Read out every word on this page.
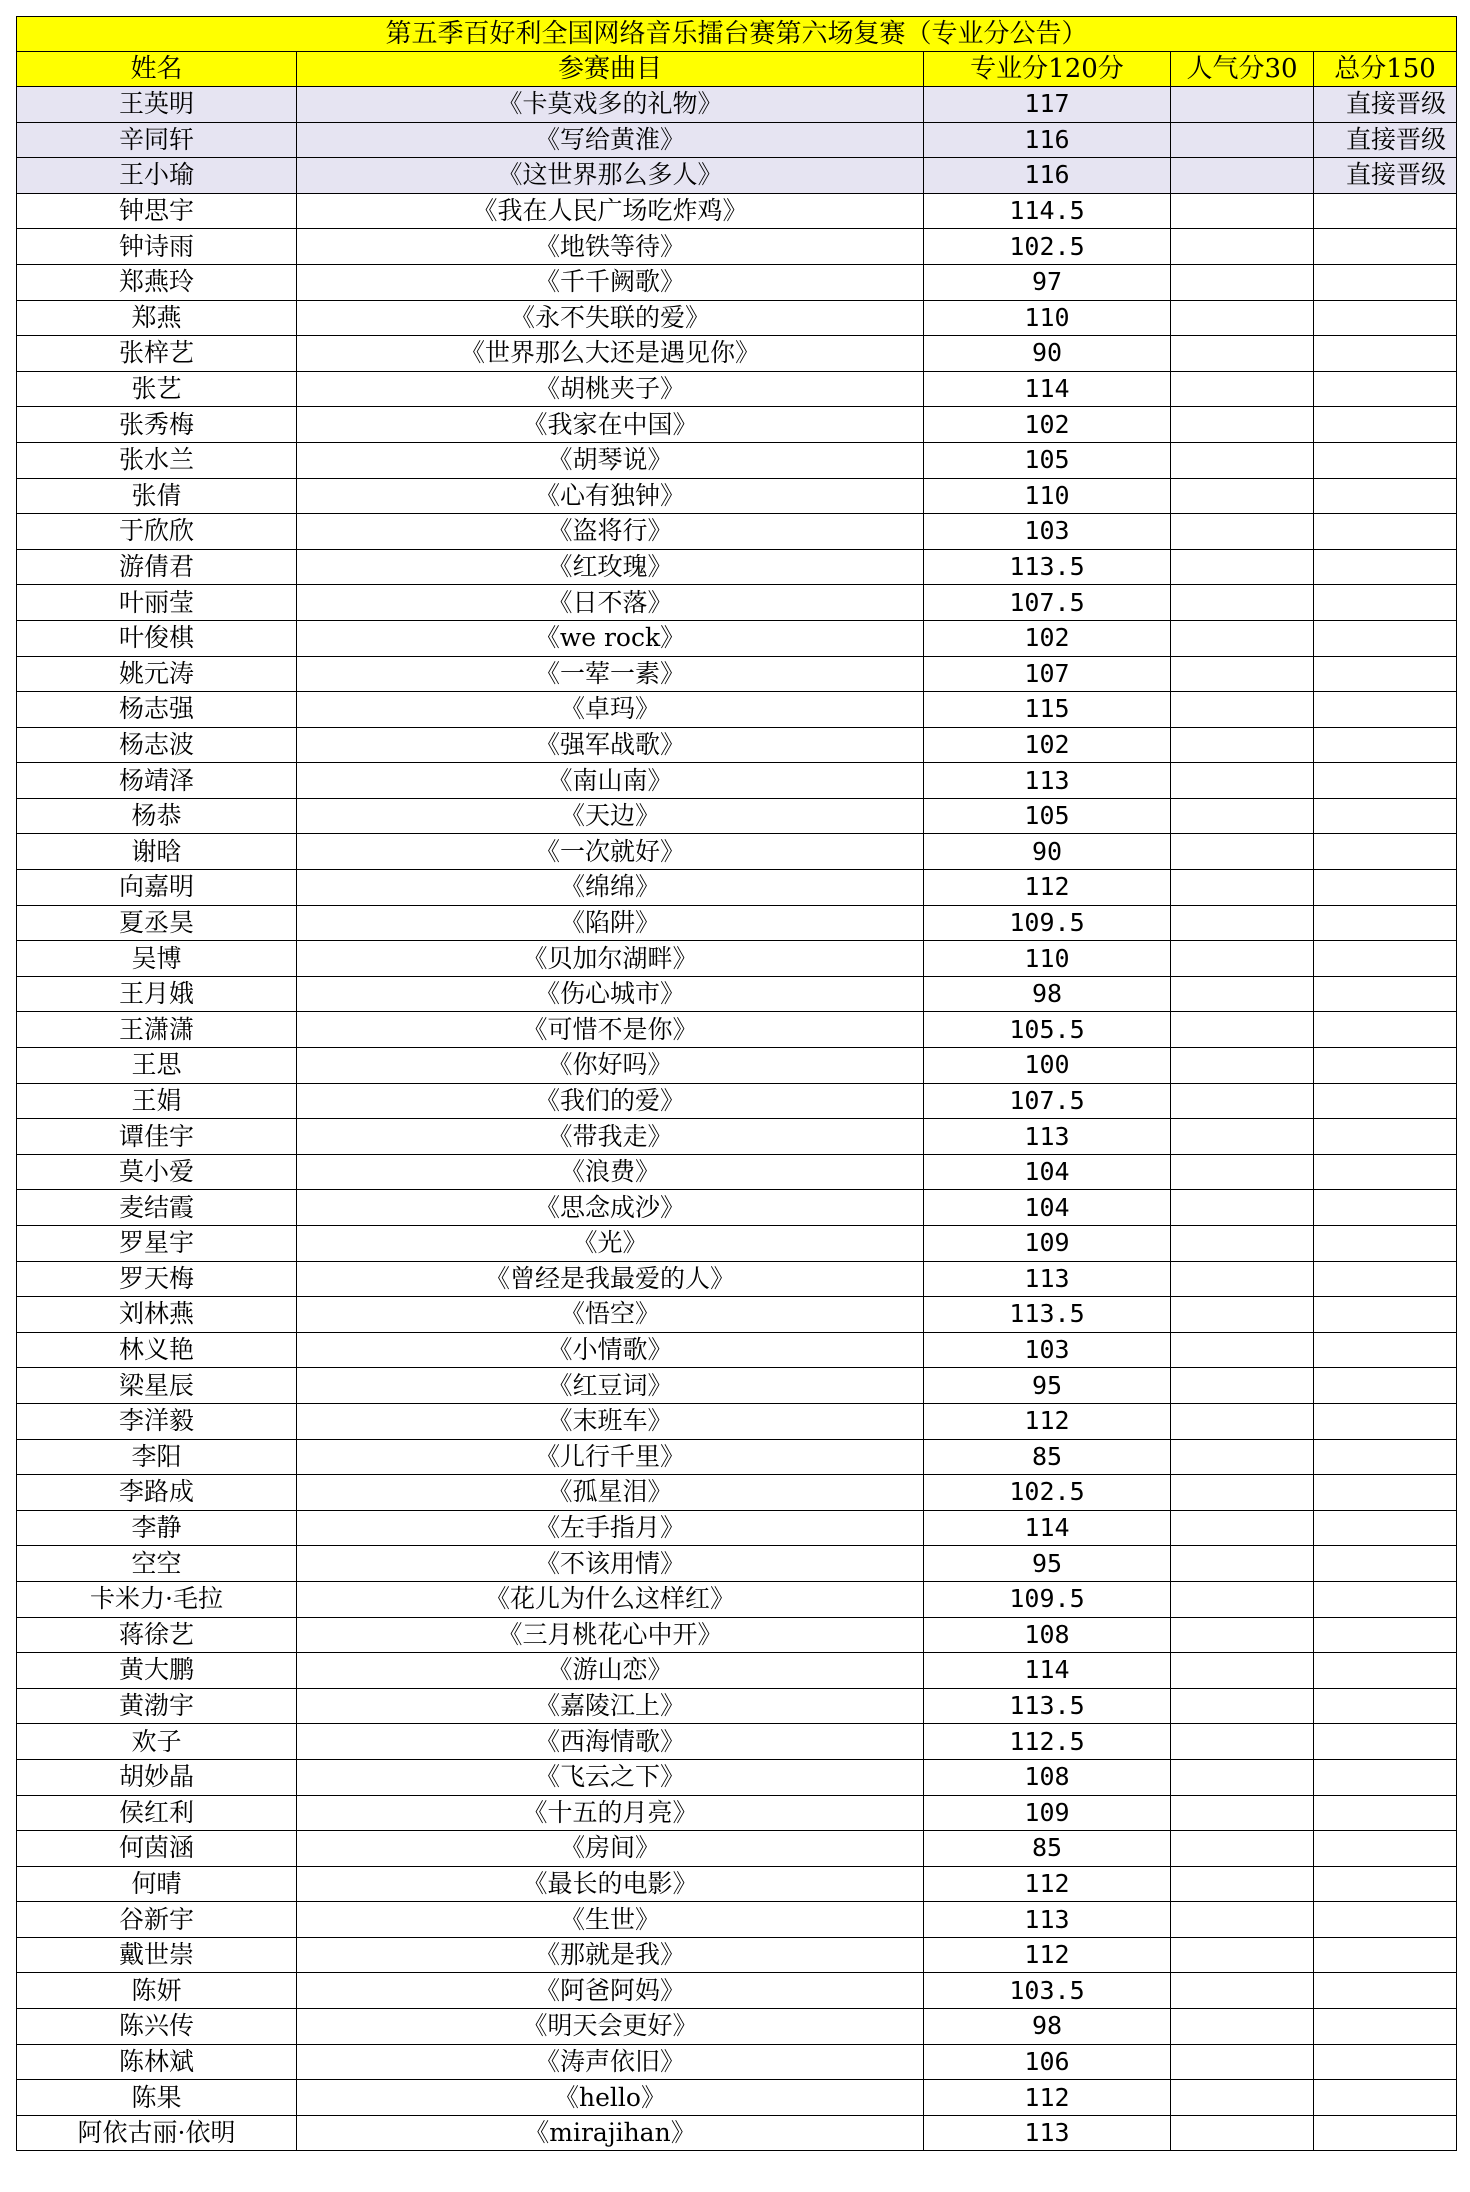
第五季百好利全国网络音乐擂台赛第六场复赛（专业分公告）				
姓名	参赛曲目	专业分120分	人气分30	总分150
王英明	《卡莫戏多的礼物》	117		直接晋级
辛同轩	《写给黄淮》	116		直接晋级
王小瑜	《这世界那么多人》	116		直接晋级
钟思宇	《我在人民广场吃炸鸡》	114.5		
钟诗雨	《地铁等待》	102.5		
郑燕玲	《千千阙歌》	97		
郑燕	《永不失联的爱》	110		
张梓艺	《世界那么大还是遇见你》	90		
张艺	《胡桃夹子》	114		
张秀梅	《我家在中国》	102		
张水兰	《胡琴说》	105		
张倩	《心有独钟》	110		
于欣欣	《盗将行》	103		
游倩君	《红玫瑰》	113.5		
叶丽莹	《日不落》	107.5		
叶俊棋	《we rock》	102		
姚元涛	《一荤一素》	107		
杨志强	《卓玛》	115		
杨志波	《强军战歌》	102		
杨靖泽	《南山南》	113		
杨恭	《天边》	105		
谢晗	《一次就好》	90		
向嘉明	《绵绵》	112		
夏丞昊	《陷阱》	109.5		
吴博	《贝加尔湖畔》	110		
王月娥	《伤心城市》	98		
王潇潇	《可惜不是你》	105.5		
王思	《你好吗》	100		
王娟	《我们的爱》	107.5		
谭佳宇	《带我走》	113		
莫小爱	《浪费》	104		
麦结霞	《思念成沙》	104		
罗星宇	《光》	109		
罗天梅	《曾经是我最爱的人》	113		
刘林燕	《悟空》	113.5		
林义艳	《小情歌》	103		
梁星辰	《红豆词》	95		
李洋毅	《末班车》	112		
李阳	《儿行千里》	85		
李路成	《孤星泪》	102.5		
李静	《左手指月》	114		
空空	《不该用情》	95		
卡米力·毛拉	《花儿为什么这样红》	109.5		
蒋徐艺	《三月桃花心中开》	108		
黄大鹏	《游山恋》	114		
黄渤宇	《嘉陵江上》	113.5		
欢子	《西海情歌》	112.5		
胡妙晶	《飞云之下》	108		
侯红利	《十五的月亮》	109		
何茵涵	《房间》	85		
何晴	《最长的电影》	112		
谷新宇	《生世》	113		
戴世崇	《那就是我》	112		
陈妍	《阿爸阿妈》	103.5		
陈兴传	《明天会更好》	98		
陈林斌	《涛声依旧》	106		
陈果	《hello》	112		
阿依古丽·依明	《mirajihan》	113		
